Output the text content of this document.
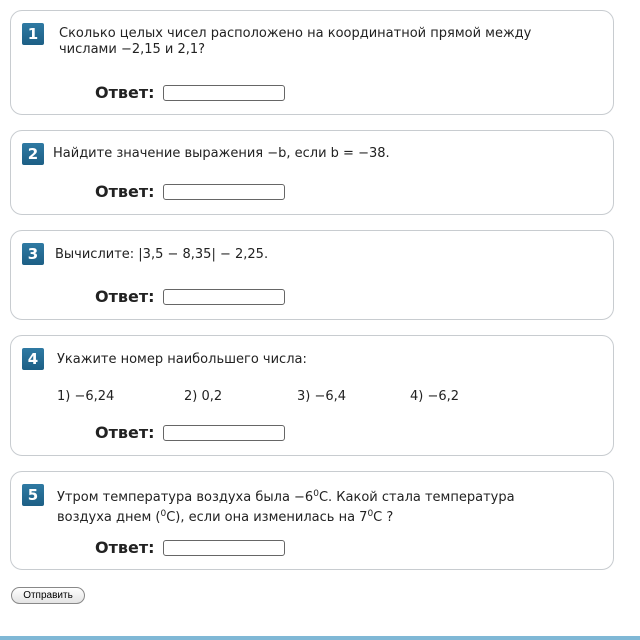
1	Сколько целых чисел расположено на координатной прямой между
числами −2,15 и 2,1?
Ответ:
2	Найдите значение выражения −b, если b = −38.
Ответ:
3	Вычислите: |3,5 − 8,35| − 2,25.
Ответ:
4	Укажите номер наибольшего числа:
1) −6,24	2) 0,2	3) −6,4	4) −6,2
Ответ:
5	Утром температура воздуха была $-6^0С$. Какой стала температура
воздуха днем ($^0$С), если она изменилась на $7^0С$ ?
Ответ:
Отправить
